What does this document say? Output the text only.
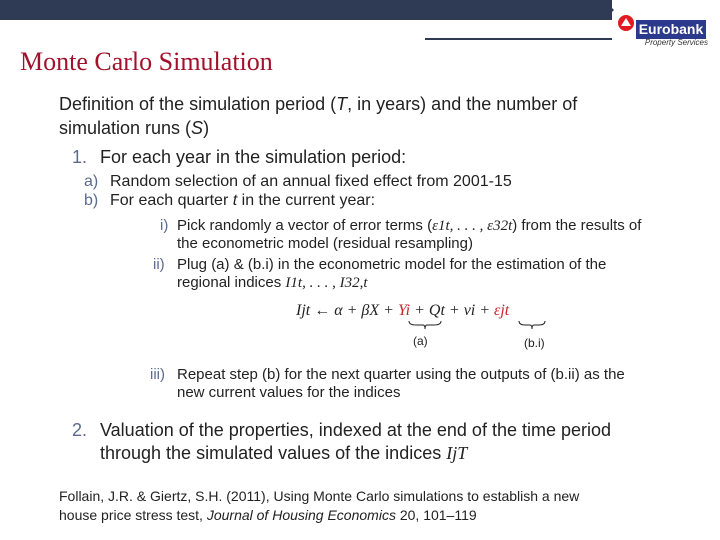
14
Eurobank
Property Services
Monte Carlo Simulation
Definition of the simulation period (T, in years) and the number of
simulation runs (S)
1. For each year in the simulation period:
a) Random selection of an annual fixed effect from 2001-15
b) For each quarter t in the current year:
i) Pick randomly a vector of error terms (ε1t, . . . , ε32t) from the results of
the econometric model (residual resampling)
ii) Plug (a) & (b.i) in the econometric model for the estimation of the
regional indices I1t, . . . , I32,t
Ijt ← α + βX + Yi + Qt + νi + εjt
(a)	(b.i)
iii) Repeat step (b) for the next quarter using the outputs of (b.ii) as the
new current values for the indices
2. Valuation of the properties, indexed at the end of the time period
through the simulated values of the indices IjT
Follain, J.R. & Giertz, S.H. (2011), Using Monte Carlo simulations to establish a new
house price stress test, Journal of Housing Economics 20, 101–119
